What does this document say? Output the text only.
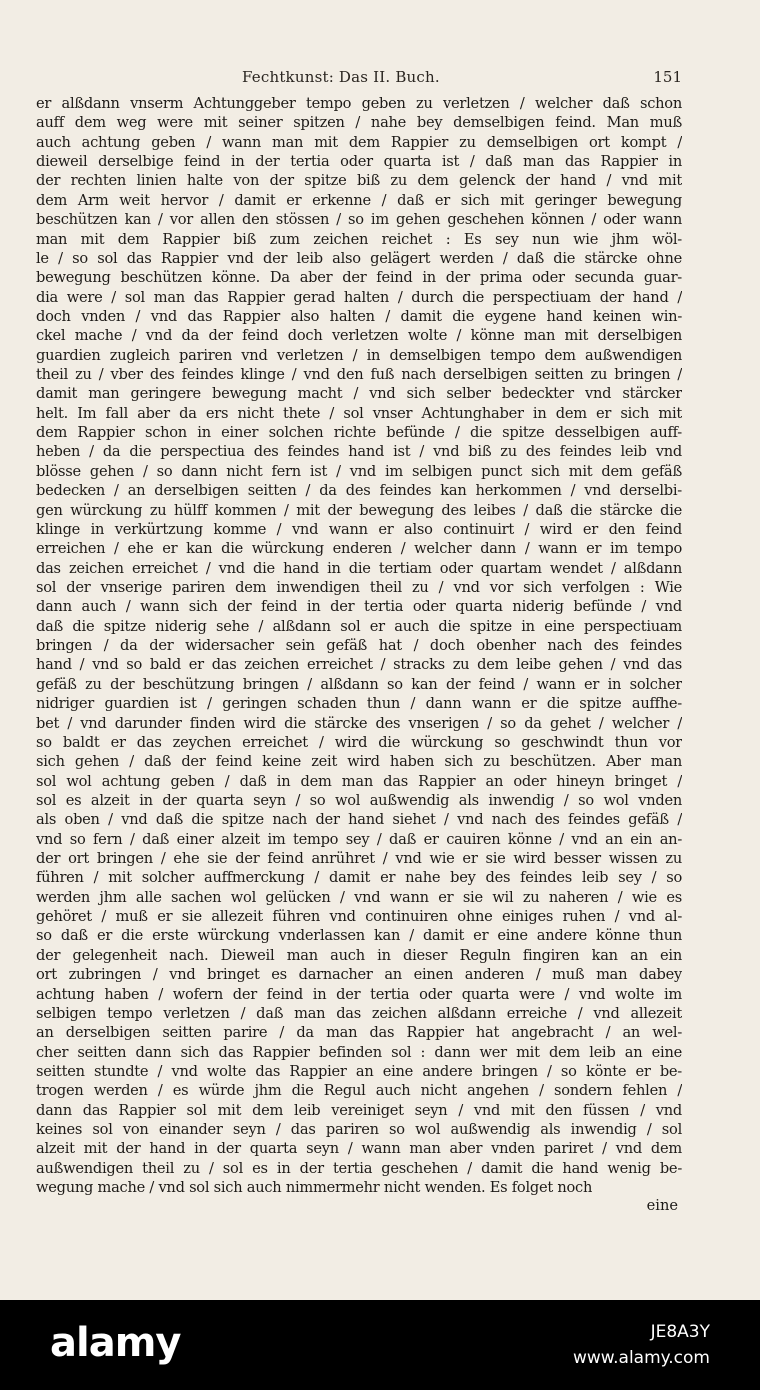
Fechtkunst: Das II. Buch.	151
er alßdann vnserm Achtunggeber tempo geben zu verletzen / welcher daß schon
auff dem weg were mit seiner spitzen / nahe bey demselbigen feind. Man muß
auch achtung geben / wann man mit dem Rappier zu demselbigen ort kompt /
dieweil derselbige feind in der tertia oder quarta ist / daß man das Rappier in
der rechten linien halte von der spitze biß zu dem gelenck der hand / vnd mit
dem Arm weit hervor / damit er erkenne / daß er sich mit geringer bewegung
beschützen kan / vor allen den stössen / so im gehen geschehen können / oder wann
man mit dem Rappier biß zum zeichen reichet : Es sey nun wie jhm wöl-
le / so sol das Rappier vnd der leib also gelägert werden / daß die stärcke ohne
bewegung beschützen könne. Da aber der feind in der prima oder secunda guar-
dia were / sol man das Rappier gerad halten / durch die perspectiuam der hand /
doch vnden / vnd das Rappier also halten / damit die eygene hand keinen win-
ckel mache / vnd da der feind doch verletzen wolte / könne man mit derselbigen
guardien zugleich pariren vnd verletzen / in demselbigen tempo dem außwendigen
theil zu / vber des feindes klinge / vnd den fuß nach derselbigen seitten zu bringen /
damit man geringere bewegung macht / vnd sich selber bedeckter vnd stärcker
helt. Im fall aber da ers nicht thete / sol vnser Achtunghaber in dem er sich mit
dem Rappier schon in einer solchen richte befünde / die spitze desselbigen auff-
heben / da die perspectiua des feindes hand ist / vnd biß zu des feindes leib vnd
blösse gehen / so dann nicht fern ist / vnd im selbigen punct sich mit dem gefäß
bedecken / an derselbigen seitten / da des feindes kan herkommen / vnd derselbi-
gen würckung zu hülff kommen / mit der bewegung des leibes / daß die stärcke die
klinge in verkürtzung komme / vnd wann er also continuirt / wird er den feind
erreichen / ehe er kan die würckung enderen / welcher dann / wann er im tempo
das zeichen erreichet / vnd die hand in die tertiam oder quartam wendet / alßdann
sol der vnserige pariren dem inwendigen theil zu / vnd vor sich verfolgen : Wie
dann auch / wann sich der feind in der tertia oder quarta niderig befünde / vnd
daß die spitze niderig sehe / alßdann sol er auch die spitze in eine perspectiuam
bringen / da der widersacher sein gefäß hat / doch obenher nach des feindes
hand / vnd so bald er das zeichen erreichet / stracks zu dem leibe gehen / vnd das
gefäß zu der beschützung bringen / alßdann so kan der feind / wann er in solcher
nidriger guardien ist / geringen schaden thun / dann wann er die spitze auffhe-
bet / vnd darunder finden wird die stärcke des vnserigen / so da gehet / welcher /
so baldt er das zeychen erreichet / wird die würckung so geschwindt thun vor
sich gehen / daß der feind keine zeit wird haben sich zu beschützen. Aber man
sol wol achtung geben / daß in dem man das Rappier an oder hineyn bringet /
sol es alzeit in der quarta seyn / so wol außwendig als inwendig / so wol vnden
als oben / vnd daß die spitze nach der hand siehet / vnd nach des feindes gefäß /
vnd so fern / daß einer alzeit im tempo sey / daß er cauiren könne / vnd an ein an-
der ort bringen / ehe sie der feind anrühret / vnd wie er sie wird besser wissen zu
führen / mit solcher auffmerckung / damit er nahe bey des feindes leib sey / so
werden jhm alle sachen wol gelücken / vnd wann er sie wil zu naheren / wie es
gehöret / muß er sie allezeit führen vnd continuiren ohne einiges ruhen / vnd al-
so daß er die erste würckung vnderlassen kan / damit er eine andere könne thun
der gelegenheit nach. Dieweil man auch in dieser Reguln fingiren kan an ein
ort zubringen / vnd bringet es darnacher an einen anderen / muß man dabey
achtung haben / wofern der feind in der tertia oder quarta were / vnd wolte im
selbigen tempo verletzen / daß man das zeichen alßdann erreiche / vnd allezeit
an derselbigen seitten parire / da man das Rappier hat angebracht / an wel-
cher seitten dann sich das Rappier befinden sol : dann wer mit dem leib an eine
seitten stundte / vnd wolte das Rappier an eine andere bringen / so könte er be-
trogen werden / es würde jhm die Regul auch nicht angehen / sondern fehlen /
dann das Rappier sol mit dem leib vereiniget seyn / vnd mit den füssen / vnd
keines sol von einander seyn / das pariren so wol außwendig als inwendig / sol
alzeit mit der hand in der quarta seyn / wann man aber vnden pariret / vnd dem
außwendigen theil zu / sol es in der tertia geschehen / damit die hand wenig be-
wegung mache / vnd sol sich auch nimmermehr nicht wenden. Es folget noch
eine
alamy	JE8A3Y
www.alamy.com
